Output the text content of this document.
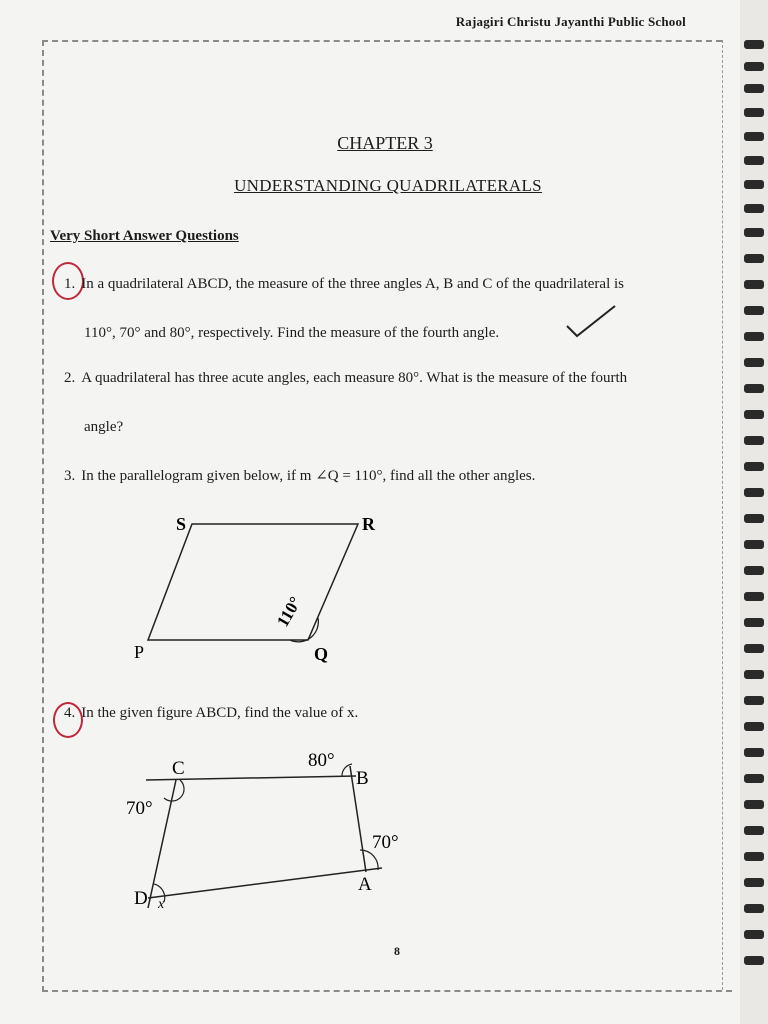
Rajagiri Christu Jayanthi Public School
CHAPTER 3
UNDERSTANDING QUADRILATERALS
Very Short Answer Questions
1. In a quadrilateral ABCD, the measure of the three angles A, B and C of the quadrilateral is
110°, 70° and 80°, respectively. Find the measure of the fourth angle.
2. A quadrilateral has three acute angles, each measure 80°. What is the measure of the fourth
angle?
3. In the parallelogram given below, if m ∠Q = 110°, find all the other angles.
S	R
P	Q
110°
4. In the given figure ABCD, find the value of x.
C	B
A
D
80°
70°
70°
x
8
